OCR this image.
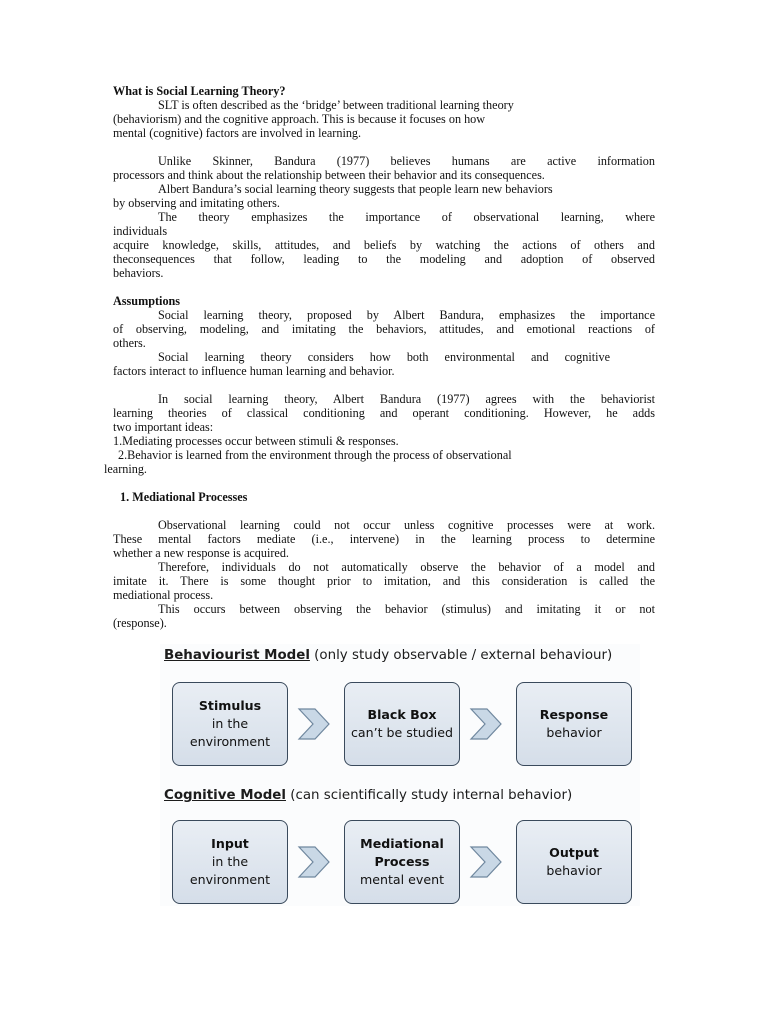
What is Social Learning Theory?
SLT is often described as the ‘bridge’ between traditional learning theory
(behaviorism) and the cognitive approach. This is because it focuses on how
mental (cognitive) factors are involved in learning.
Unlike Skinner, Bandura (1977) believes humans are active information
processors and think about the relationship between their behavior and its consequences.
Albert Bandura’s social learning theory suggests that people learn new behaviors
by observing and imitating others.
The theory emphasizes the importance of observational learning, where
individuals
acquire knowledge, skills, attitudes, and beliefs by watching the actions of others and
theconsequences that follow, leading to the modeling and adoption of observed
behaviors.
Assumptions
Social learning theory, proposed by Albert Bandura, emphasizes the importance
of observing, modeling, and imitating the behaviors, attitudes, and emotional reactions of
others.
Social learning theory considers how both environmental and cognitive
factors interact to influence human learning and behavior.
In social learning theory, Albert Bandura (1977) agrees with the behaviorist
learning theories of classical conditioning and operant conditioning. However, he adds
two important ideas:
1.Mediating processes occur between stimuli & responses.
2.Behavior is learned from the environment through the process of observational
learning.
1. Mediational Processes
Observational learning could not occur unless cognitive processes were at work.
These mental factors mediate (i.e., intervene) in the learning process to determine
whether a new response is acquired.
Therefore, individuals do not automatically observe the behavior of a model and
imitate it. There is some thought prior to imitation, and this consideration is called the
mediational process.
This occurs between observing the behavior (stimulus) and imitating it or not
(response).
Behaviourist Model (only study observable / external behaviour)
Stimulus
in the
environment
Black Box
can’t be studied
Response
behavior
Cognitive Model (can scientifically study internal behavior)
Input
in the
environment
Mediational
Process
mental event
Output
behavior
